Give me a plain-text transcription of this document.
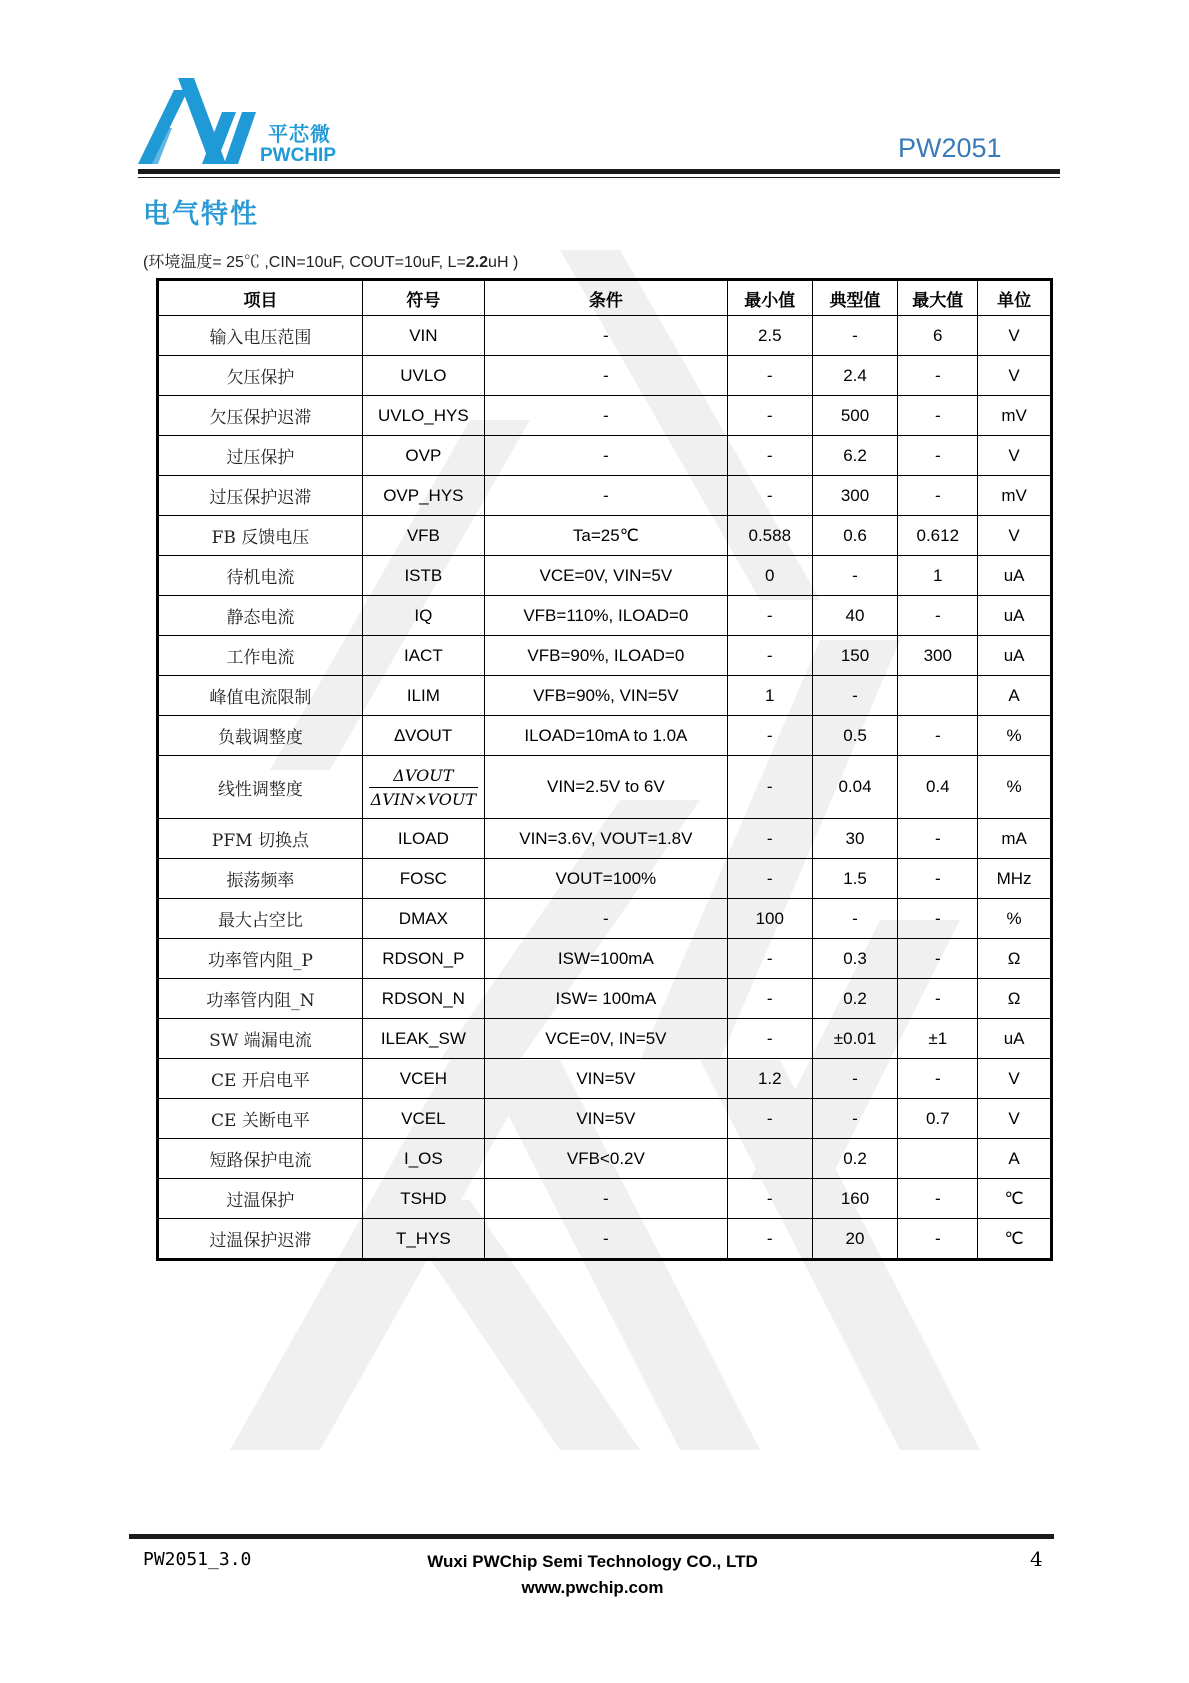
平芯微
PWCHIP	PW2051
电气特性
(环境温度= 25℃ ,CIN=10uF, COUT=10uF, L=2.2uH )
项目	符号	条件	最小值	典型值	最大值	单位
输入电压范围	VIN	-	2.5	-	6	V
欠压保护	UVLO	-	-	2.4	-	V
欠压保护迟滞	UVLO_HYS	-	-	500	-	mV
过压保护	OVP	-	-	6.2	-	V
过压保护迟滞	OVP_HYS	-	-	300	-	mV
FB 反馈电压	VFB	Ta=25℃	0.588	0.6	0.612	V
待机电流	ISTB	VCE=0V, VIN=5V	0	-	1	uA
静态电流	IQ	VFB=110%, ILOAD=0	-	40	-	uA
工作电流	IACT	VFB=90%, ILOAD=0	-	150	300	uA
峰值电流限制	ILIM	VFB=90%, VIN=5V	1	-		A
负载调整度	∆VOUT	ILOAD=10mA to 1.0A	-	0.5	-	%
线性调整度	$\frac{\text{ΔVOUT}}{\text{ΔVIN×VOUT}}$	VIN=2.5V to 6V	-	0.04	0.4	%
PFM 切换点	ILOAD	VIN=3.6V, VOUT=1.8V	-	30	-	mA
振荡频率	FOSC	VOUT=100%	-	1.5	-	MHz
最大占空比	DMAX	-	100	-	-	%
功率管内阻_P	RDSON_P	ISW=100mA	-	0.3	-	Ω
功率管内阻_N	RDSON_N	ISW= 100mA	-	0.2	-	Ω
SW 端漏电流	ILEAK_SW	VCE=0V, IN=5V	-	±0.01	±1	uA
CE 开启电平	VCEH	VIN=5V	1.2	-	-	V
CE 关断电平	VCEL	VIN=5V	-	-	0.7	V
短路保护电流	I_OS	VFB<0.2V		0.2		A
过温保护	TSHD	-	-	160	-	℃
过温保护迟滞	T_HYS	-	-	20	-	℃
PW2051_3.0	Wuxi PWChip Semi Technology CO., LTD
www.pwchip.com
4
